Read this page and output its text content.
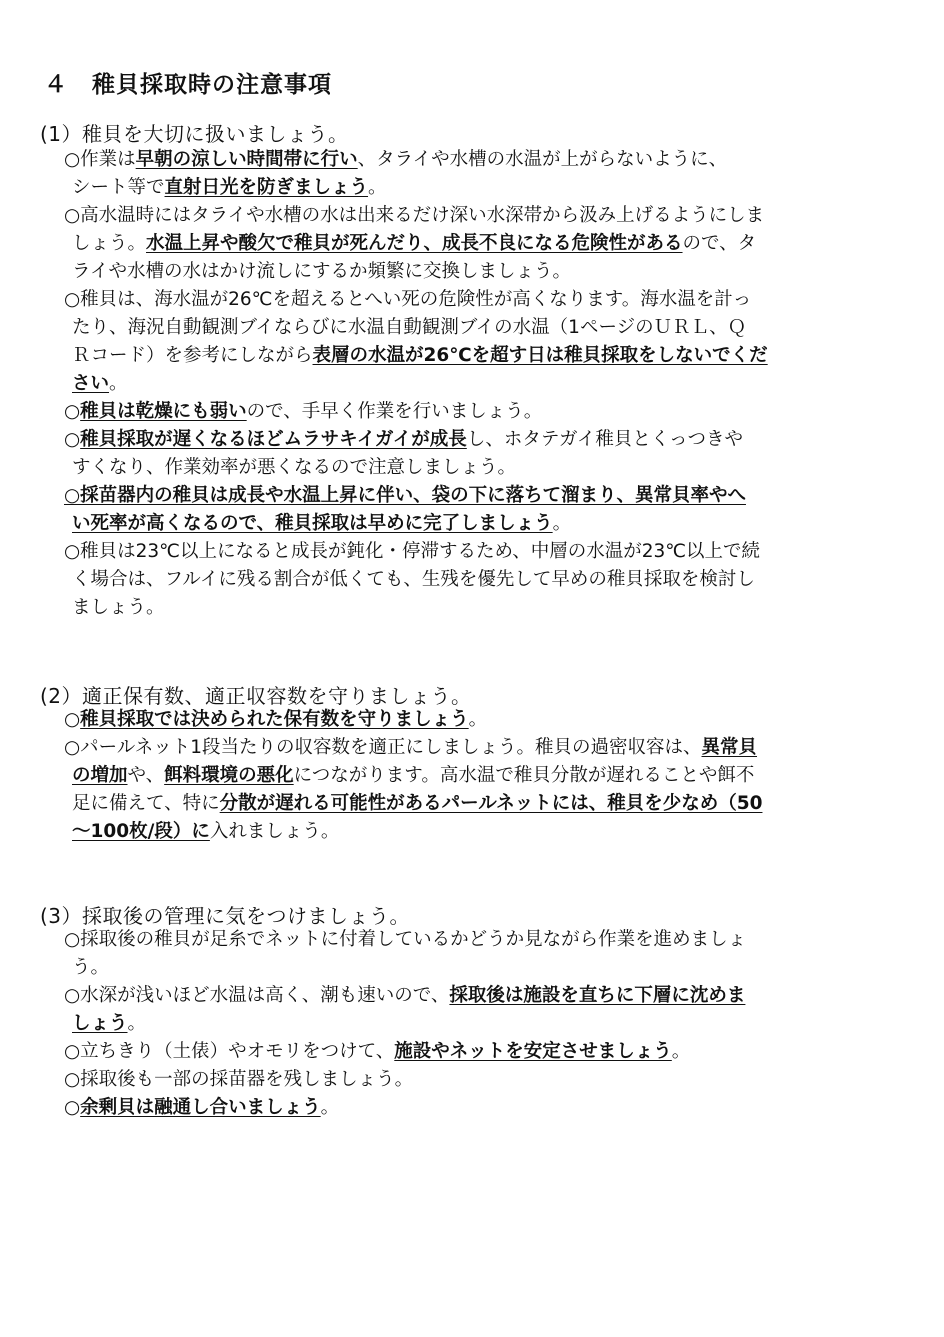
４　稚貝採取時の注意事項
(1）稚貝を大切に扱いましょう。
○作業は早朝の涼しい時間帯に行い、タライや水槽の水温が上がらないように、
シート等で直射日光を防ぎましょう。
○高水温時にはタライや水槽の水は出来るだけ深い水深帯から汲み上げるようにしま
しょう。水温上昇や酸欠で稚貝が死んだり、成長不良になる危険性があるので、タ
ライや水槽の水はかけ流しにするか頻繁に交換しましょう。
○稚貝は、海水温が26℃を超えるとへい死の危険性が高くなります。海水温を計っ
たり、海況自動観測ブイならびに水温自動観測ブイの水温（1ページのＵＲＬ、Ｑ
Ｒコード）を参考にしながら表層の水温が26℃を超す日は稚貝採取をしないでくだ
さい。
○稚貝は乾燥にも弱いので、手早く作業を行いましょう。
○稚貝採取が遅くなるほどムラサキイガイが成長し、ホタテガイ稚貝とくっつきや
すくなり、作業効率が悪くなるので注意しましょう。
○採苗器内の稚貝は成長や水温上昇に伴い、袋の下に落ちて溜まり、異常貝率やへ
い死率が高くなるので、稚貝採取は早めに完了しましょう。
○稚貝は23℃以上になると成長が鈍化・停滞するため、中層の水温が23℃以上で続
く場合は、フルイに残る割合が低くても、生残を優先して早めの稚貝採取を検討し
ましょう。
(2）適正保有数、適正収容数を守りましょう。
○稚貝採取では決められた保有数を守りましょう。
○パールネット1段当たりの収容数を適正にしましょう。稚貝の過密収容は、異常貝
の増加や、餌料環境の悪化につながります。高水温で稚貝分散が遅れることや餌不
足に備えて、特に分散が遅れる可能性があるパールネットには、稚貝を少なめ（50
～100枚/段）に入れましょう。
(3）採取後の管理に気をつけましょう。
○採取後の稚貝が足糸でネットに付着しているかどうか見ながら作業を進めましょ
う。
○水深が浅いほど水温は高く、潮も速いので、採取後は施設を直ちに下層に沈めま
しょう。
○立ちきり（土俵）やオモリをつけて、施設やネットを安定させましょう。
○採取後も一部の採苗器を残しましょう。
○余剰貝は融通し合いましょう。
